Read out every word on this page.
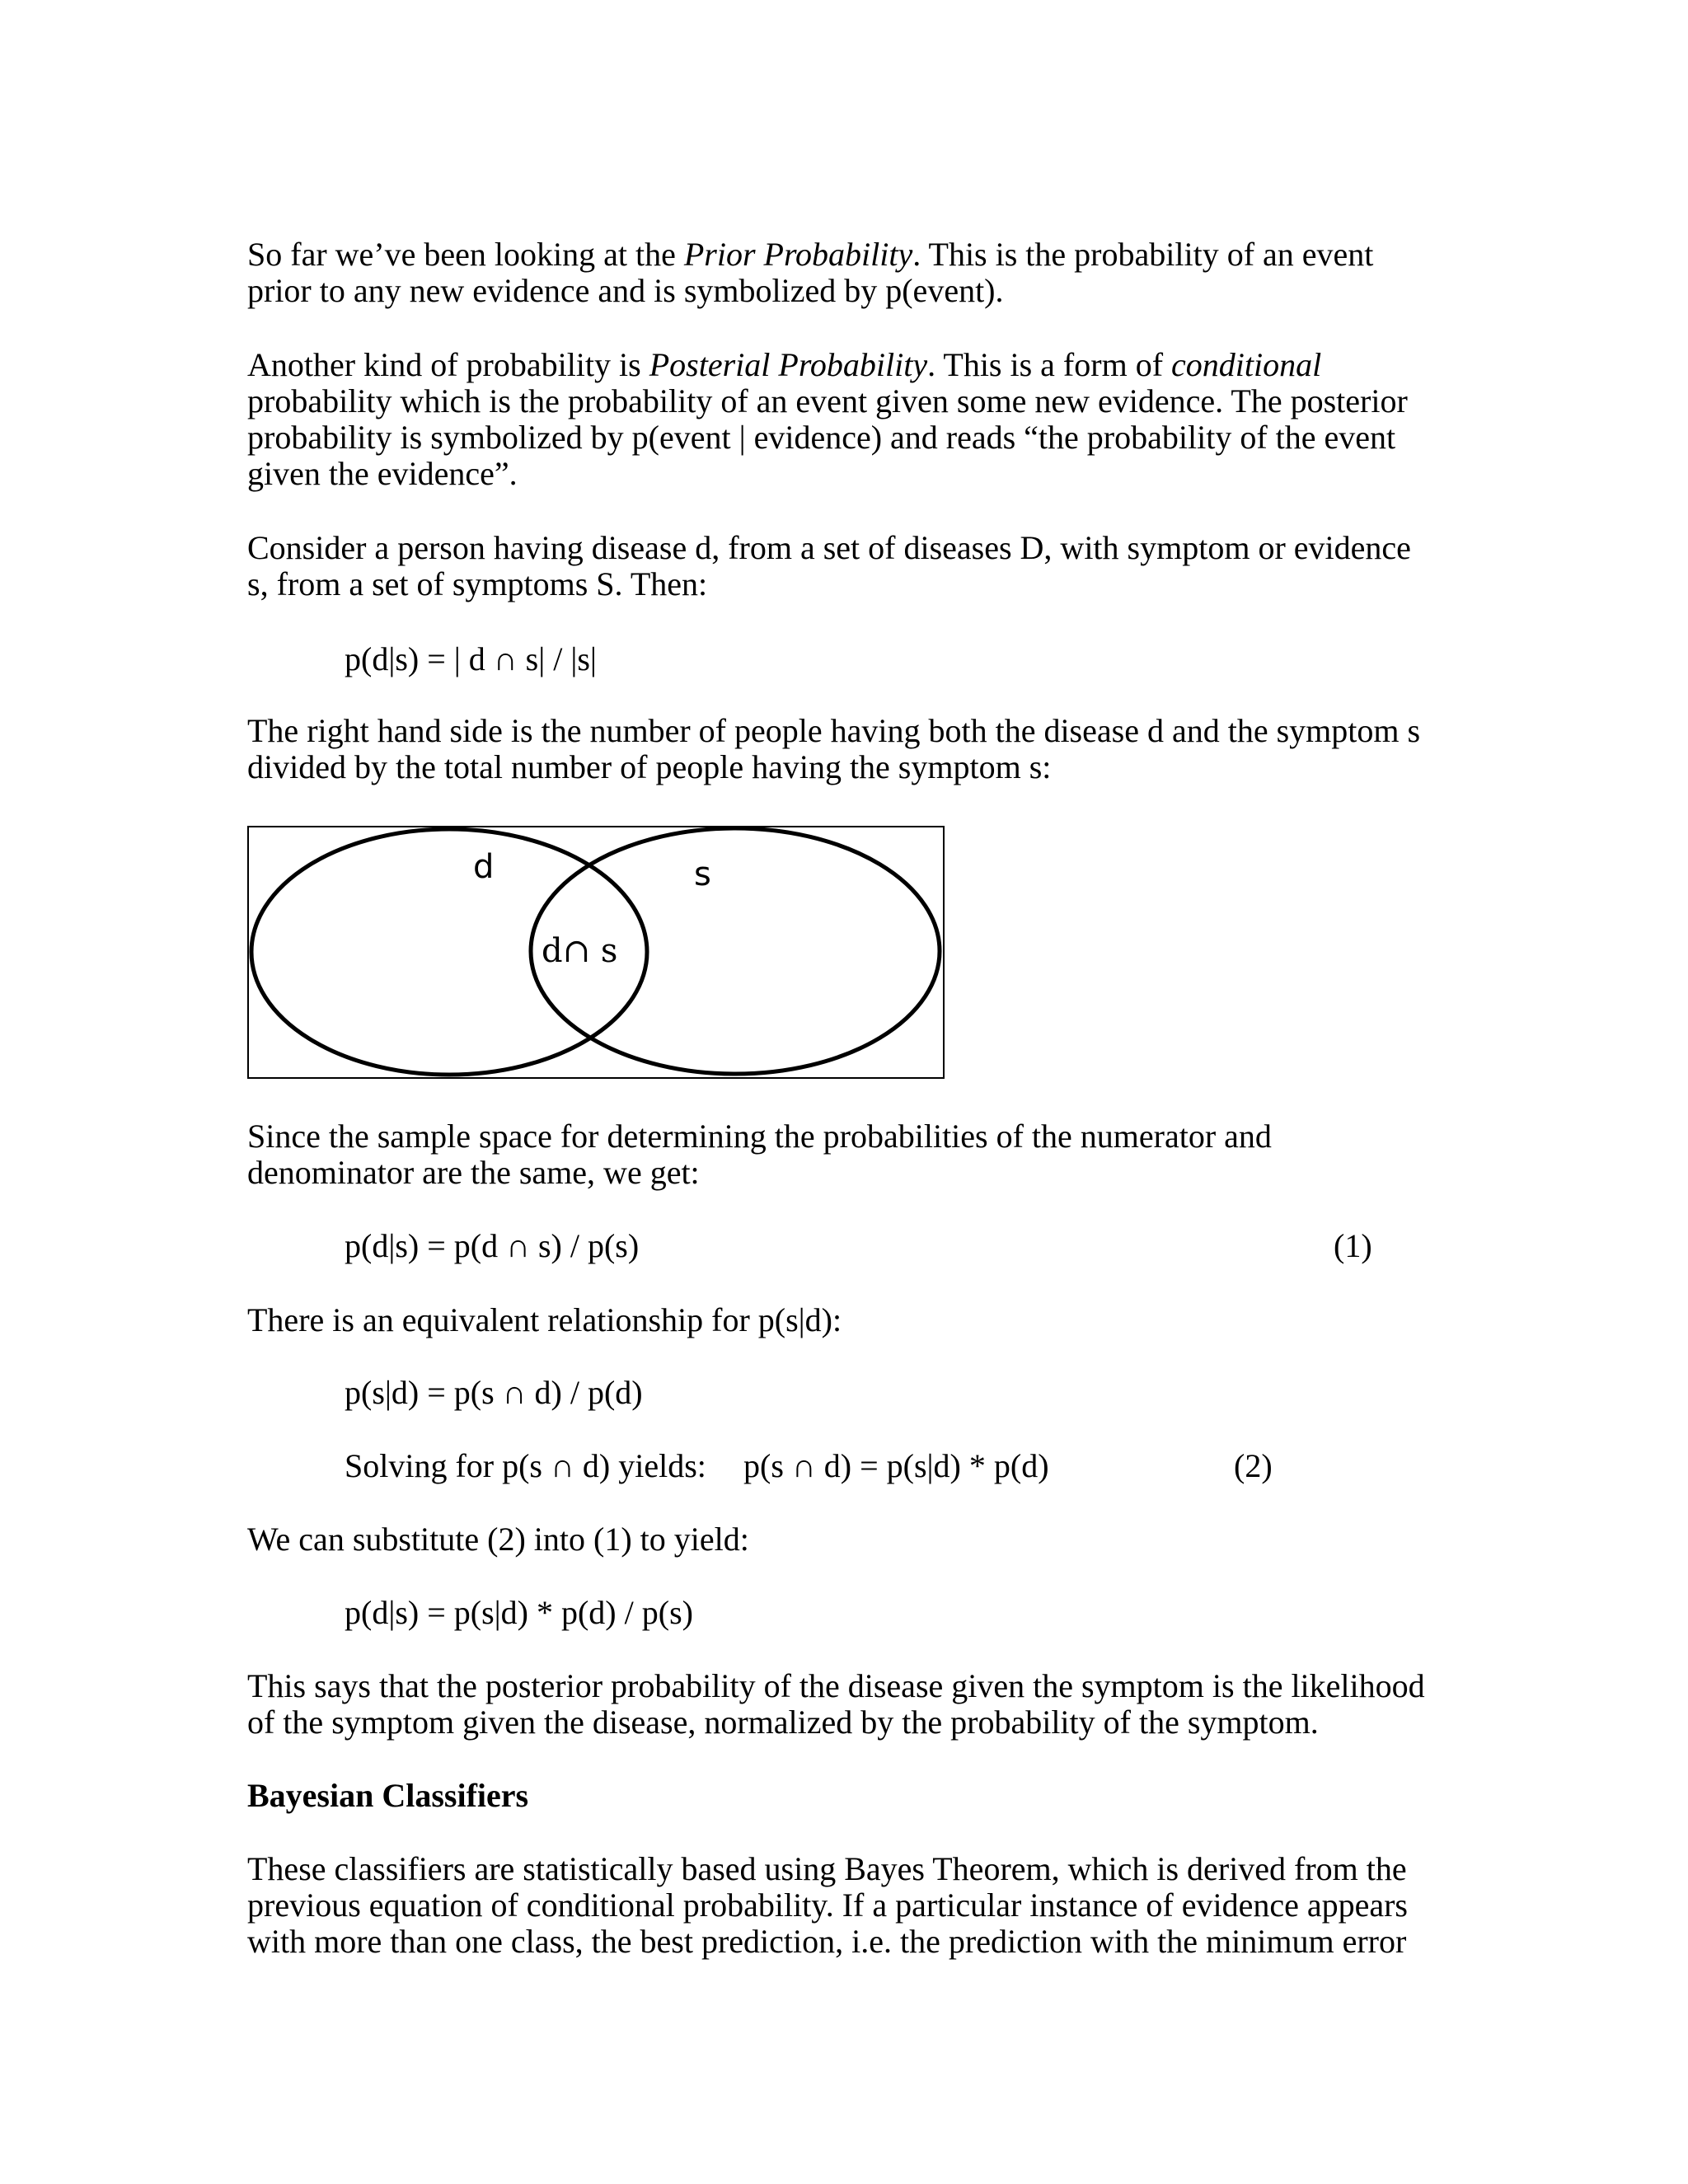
So far we’ve been looking at the Prior Probability. This is the probability of an event
prior to any new evidence and is symbolized by p(event).
Another kind of probability is Posterial Probability. This is a form of conditional
probability which is the probability of an event given some new evidence. The posterior
probability is symbolized by p(event | evidence) and reads “the probability of the event
given the evidence”.
Consider a person having disease d, from a set of diseases D, with symptom or evidence
s, from a set of symptoms S. Then:
p(d|s) = | d ∩ s| / |s|
The right hand side is the number of people having both the disease d and the symptom s
divided by the total number of people having the symptom s:
d	s
d∩ s
Since the sample space for determining the probabilities of the numerator and
denominator are the same, we get:
p(d|s) = p(d ∩ s) / p(s)	(1)
There is an equivalent relationship for p(s|d):
p(s|d) = p(s ∩ d) / p(d)
Solving for p(s ∩ d) yields: p(s ∩ d) = p(s|d) * p(d)	(2)
We can substitute (2) into (1) to yield:
p(d|s) = p(s|d) * p(d) / p(s)
This says that the posterior probability of the disease given the symptom is the likelihood
of the symptom given the disease, normalized by the probability of the symptom.
Bayesian Classifiers
These classifiers are statistically based using Bayes Theorem, which is derived from the
previous equation of conditional probability. If a particular instance of evidence appears
with more than one class, the best prediction, i.e. the prediction with the minimum error
